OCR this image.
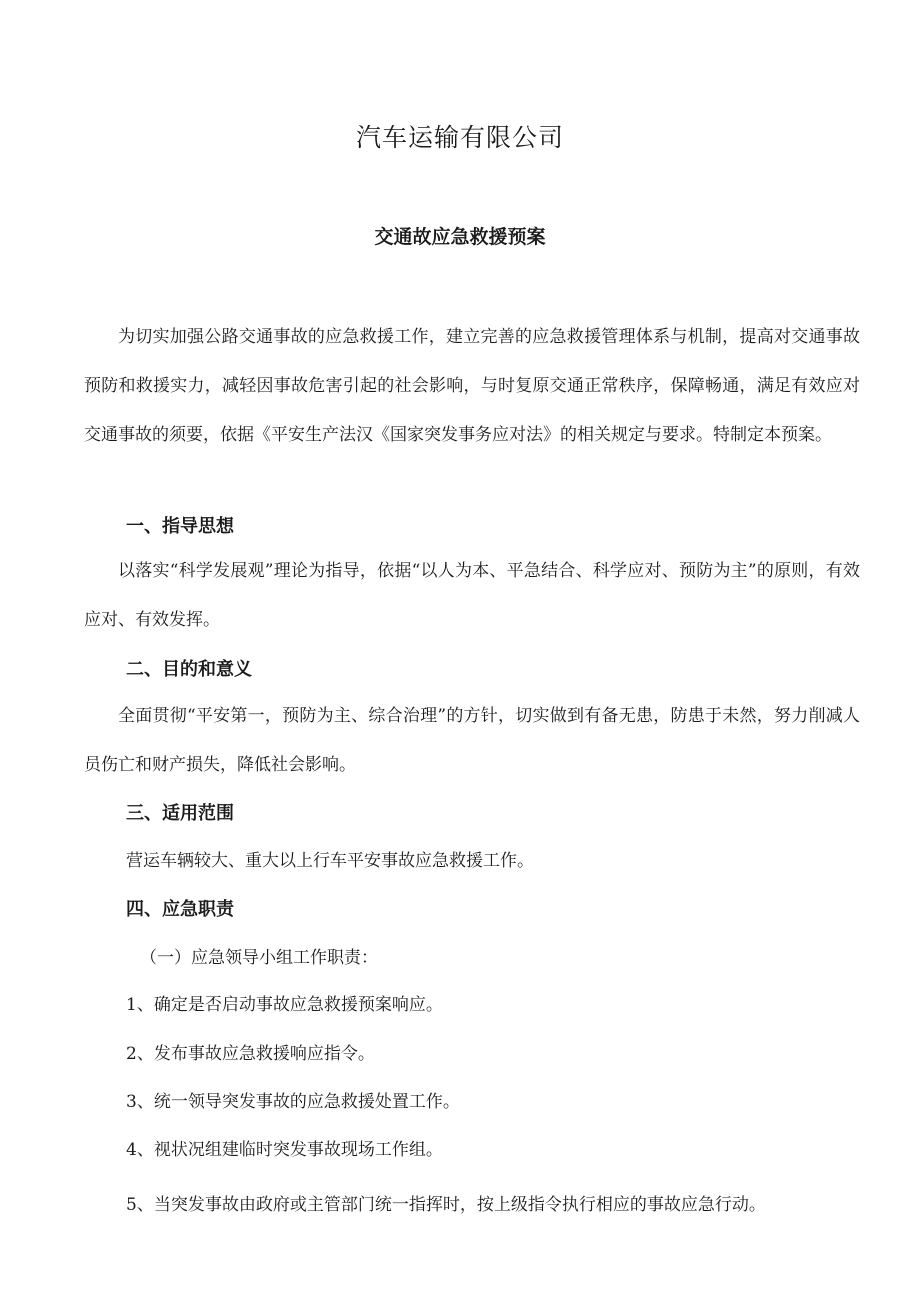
汽车运输有限公司
交通故应急救援预案

为切实加强公路交通事故的应急救援工作，建立完善的应急救援管理体系与机制，提高对交通事故预防和救援实力，减轻因事故危害引起的社会影响，与时复原交通正常秩序，保障畅通，满足有效应对交通事故的须要，依据《平安生产法汉《国家突发事务应对法》的相关规定与要求。特制定本预案。

一、指导思想

以落实“科学发展观”理论为指导，依据“以人为本、平急结合、科学应对、预防为主”的原则，有效应对、有效发挥。

二、目的和意义

全面贯彻“平安第一，预防为主、综合治理”的方针，切实做到有备无患，防患于未然，努力削减人员伤亡和财产损失，降低社会影响。

三、适用范围
营运车辆较大、重大以上行车平安事故应急救援工作。
四、应急职责
（一）应急领导小组工作职责：
1、确定是否启动事故应急救援预案响应。
2、发布事故应急救援响应指令。
3、统一领导突发事故的应急救援处置工作。
4、视状况组建临时突发事故现场工作组。
5、当突发事故由政府或主管部门统一指挥时，按上级指令执行相应的事故应急行动。
